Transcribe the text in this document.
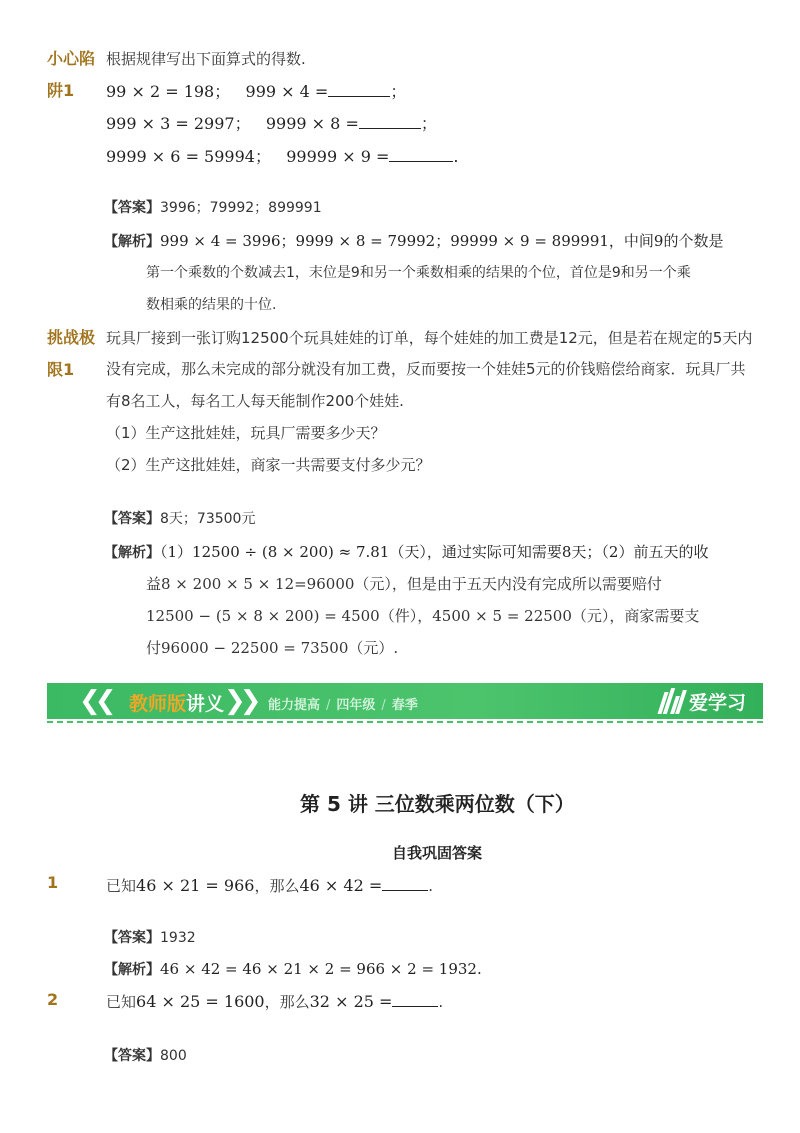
小心陷
阱1
根据规律写出下面算式的得数.
99 × 2 = 198； 999 × 4 =	；
999 × 3 = 2997； 9999 × 8 =	；
9999 × 6 = 59994； 99999 × 9 =	.
【答案】3996；79992；899991
【解析】999 × 4 = 3996；9999 × 8 = 79992；99999 × 9 = 899991，中间9的个数是
第一个乘数的个数减去1，末位是9和另一个乘数相乘的结果的个位，首位是9和另一个乘
数相乘的结果的十位.
挑战极
限1
玩具厂接到一张订购12500个玩具娃娃的订单，每个娃娃的加工费是12元，但是若在规定的5天内
没有完成，那么未完成的部分就没有加工费，反而要按一个娃娃5元的价钱赔偿给商家．玩具厂共
有8名工人，每名工人每天能制作200个娃娃.
（1）生产这批娃娃，玩具厂需要多少天？
（2）生产这批娃娃，商家一共需要支付多少元？
【答案】8天；73500元
【解析】（1）12500 ÷ (8 × 200) ≈ 7.81（天），通过实际可知需要8天；（2）前五天的收
益8 × 200 × 5 × 12=96000（元），但是由于五天内没有完成所以需要赔付
12500 − (5 × 8 × 200) = 4500（件），4500 × 5 = 22500（元），商家需要支
付96000 − 22500 = 73500（元）.
❮❮ 教师版讲义 ❯❯ 能力提高 / 四年级 / 春季	爱学习
第 5 讲 三位数乘两位数（下）
自我巩固答案
1	已知46 × 21 = 966，那么46 × 42 =	.
【答案】1932
【解析】46 × 42 = 46 × 21 × 2 = 966 × 2 = 1932.
2	已知64 × 25 = 1600，那么32 × 25 =	.
【答案】800
